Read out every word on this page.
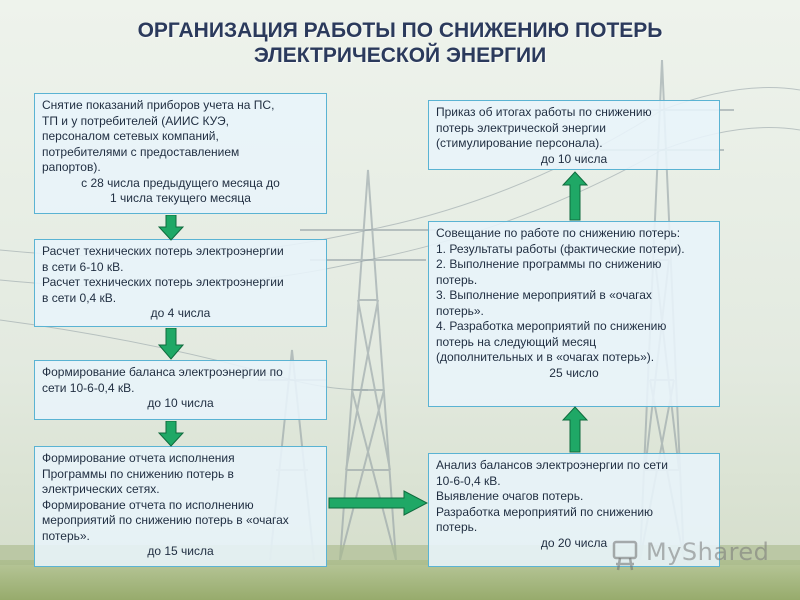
ОРГАНИЗАЦИЯ РАБОТЫ ПО СНИЖЕНИЮ ПОТЕРЬ
ЭЛЕКТРИЧЕСКОЙ ЭНЕРГИИ
Снятие показаний приборов учета на ПС,
ТП и у потребителей (АИИС КУЭ,
персоналом сетевых компаний,
потребителями с предоставлением
рапортов).
с 28 числа предыдущего месяца до
1 числа текущего месяца
Расчет технических потерь электроэнергии
в сети 6-10 кВ.
Расчет технических потерь электроэнергии
в сети 0,4 кВ.
до 4 числа
Формирование баланса электроэнергии по
сети 10-6-0,4 кВ.
до 10 числа
Формирование отчета исполнения
Программы по снижению потерь в
электрических сетях.
Формирование отчета по исполнению
мероприятий по снижению потерь в «очагах
потерь».
до 15 числа
Приказ об итогах работы по снижению
потерь электрической энергии
(стимулирование персонала).
до 10 числа
Совещание по работе по снижению потерь:
1. Результаты работы (фактические потери).
2. Выполнение программы по снижению
потерь.
3. Выполнение мероприятий в «очагах
потерь».
4. Разработка мероприятий по снижению
потерь на следующий месяц
(дополнительных и в «очагах потерь»).
25 число
Анализ балансов электроэнергии по сети
10-6-0,4 кВ.
Выявление очагов потерь.
Разработка мероприятий по снижению
потерь.
до 20 числа	MyShared
